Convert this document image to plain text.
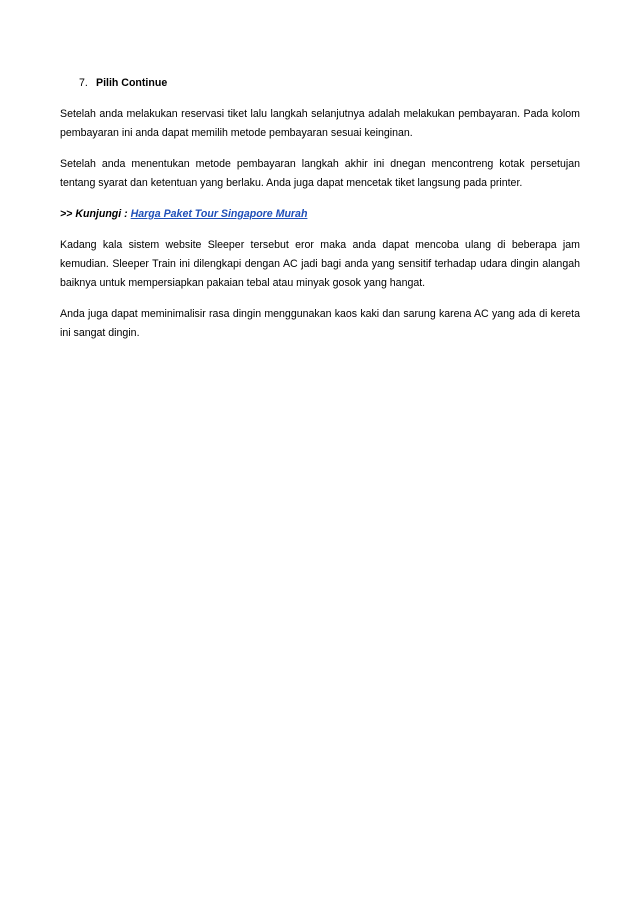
7. Pilih Continue

Setelah anda melakukan reservasi tiket lalu langkah selanjutnya adalah melakukan pembayaran. Pada kolom pembayaran ini anda dapat memilih metode pembayaran sesuai keinginan.

Setelah anda menentukan metode pembayaran langkah akhir ini dnegan mencontreng kotak persetujan tentang syarat dan ketentuan yang berlaku. Anda juga dapat mencetak tiket langsung pada printer.

>> Kunjungi : Harga Paket Tour Singapore Murah

Kadang kala sistem website Sleeper tersebut eror maka anda dapat mencoba ulang di beberapa jam kemudian. Sleeper Train ini dilengkapi dengan AC jadi bagi anda yang sensitif terhadap udara dingin alangah baiknya untuk mempersiapkan pakaian tebal atau minyak gosok yang hangat.

Anda juga dapat meminimalisir rasa dingin menggunakan kaos kaki dan sarung karena AC yang ada di kereta ini sangat dingin.
